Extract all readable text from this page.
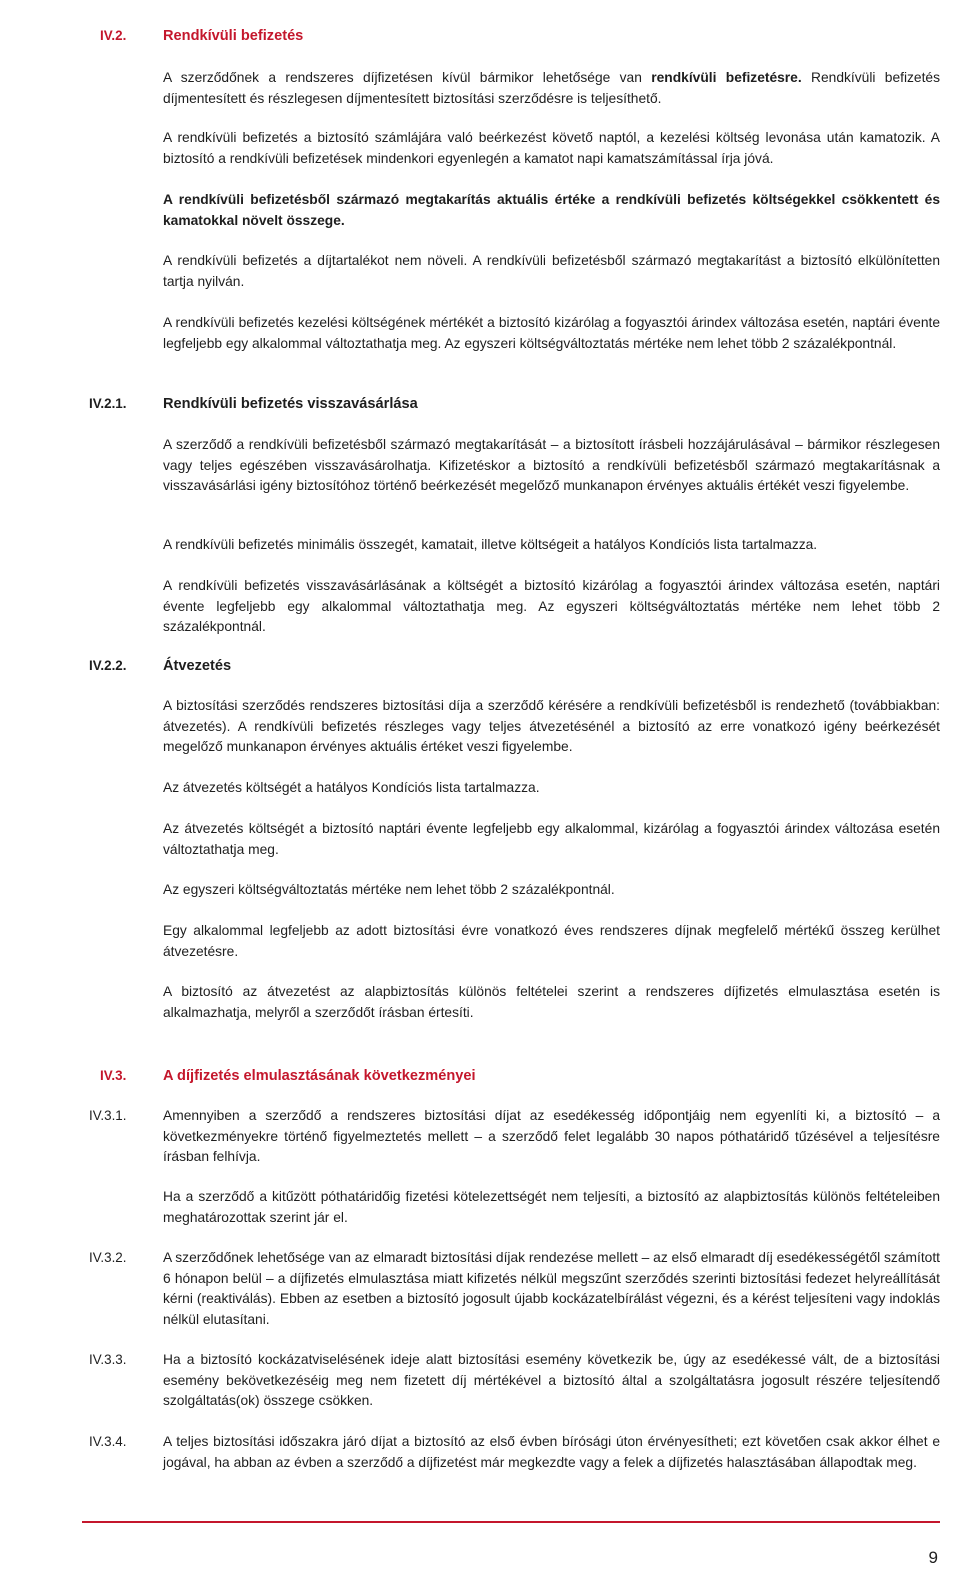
IV.2.	Rendkívüli befizetés

A szerződőnek a rendszeres díjfizetésen kívül bármikor lehetősége van rendkívüli befizetésre. Rendkívüli befizetés díjmentesített és részlegesen díjmentesített biztosítási szerződésre is teljesíthető.

A rendkívüli befizetés a biztosító számlájára való beérkezést követő naptól, a kezelési költség levonása után kamatozik. A biztosító a rendkívüli befizetések mindenkori egyenlegén a kamatot napi kamatszámítással írja jóvá.

A rendkívüli befizetésből származó megtakarítás aktuális értéke a rendkívüli befizetés költségekkel csökkentett és kamatokkal növelt összege.

A rendkívüli befizetés a díjtartalékot nem növeli. A rendkívüli befizetésből származó megtakarítást a biztosító elkülönítetten tartja nyilván.

A rendkívüli befizetés kezelési költségének mértékét a biztosító kizárólag a fogyasztói árindex változása esetén, naptári évente legfeljebb egy alkalommal változtathatja meg. Az egyszeri költségváltoztatás mértéke nem lehet több 2 százalékpontnál.

IV.2.1.	Rendkívüli befizetés visszavásárlása

A szerződő a rendkívüli befizetésből származó megtakarítását – a biztosított írásbeli hozzájárulásával – bármikor részlegesen vagy teljes egészében visszavásárolhatja. Kifizetéskor a biztosító a rendkívüli befizetésből származó megtakarításnak a visszavásárlási igény biztosítóhoz történő beérkezését megelőző munkanapon érvényes aktuális értékét veszi figyelembe.

A rendkívüli befizetés minimális összegét, kamatait, illetve költségeit a hatályos Kondíciós lista tartalmazza.

A rendkívüli befizetés visszavásárlásának a költségét a biztosító kizárólag a fogyasztói árindex változása esetén, naptári évente legfeljebb egy alkalommal változtathatja meg. Az egyszeri költségváltoztatás mértéke nem lehet több 2 százalékpontnál.

IV.2.2.	Átvezetés

A biztosítási szerződés rendszeres biztosítási díja a szerződő kérésére a rendkívüli befizetésből is rendezhető (továbbiakban: átvezetés). A rendkívüli befizetés részleges vagy teljes átvezetésénél a biztosító az erre vonatkozó igény beérkezését megelőző munkanapon érvényes aktuális értéket veszi figyelembe.

Az átvezetés költségét a hatályos Kondíciós lista tartalmazza.

Az átvezetés költségét a biztosító naptári évente legfeljebb egy alkalommal, kizárólag a fogyasztói árindex változása esetén változtathatja meg.

Az egyszeri költségváltoztatás mértéke nem lehet több 2 százalékpontnál.

Egy alkalommal legfeljebb az adott biztosítási évre vonatkozó éves rendszeres díjnak megfelelő mértékű összeg kerülhet átvezetésre.

A biztosító az átvezetést az alapbiztosítás különös feltételei szerint a rendszeres díjfizetés elmulasztása esetén is alkalmazhatja, melyről a szerződőt írásban értesíti.

IV.3.	A díjfizetés elmulasztásának következményei
IV.3.1.	Amennyiben a szerződő a rendszeres biztosítási díjat az esedékesség időpontjáig nem egyenlíti ki, a biztosító – a következményekre történő figyelmeztetés mellett – a szerződő felet legalább 30 napos póthatáridő tűzésével a teljesítésre írásban felhívja.

Ha a szerződő a kitűzött póthatáridőig fizetési kötelezettségét nem teljesíti, a biztosító az alapbiztosítás különös feltételeiben meghatározottak szerint jár el.

IV.3.2.	A szerződőnek lehetősége van az elmaradt biztosítási díjak rendezése mellett – az első elmaradt díj esedékességétől számított 6 hónapon belül – a díjfizetés elmulasztása miatt kifizetés nélkül megszűnt szerződés szerinti biztosítási fedezet helyreállítását kérni (reaktiválás). Ebben az esetben a biztosító jogosult újabb kockázatelbírálást végezni, és a kérést teljesíteni vagy indoklás nélkül elutasítani.

IV.3.3.	Ha a biztosító kockázatviselésének ideje alatt biztosítási esemény következik be, úgy az esedékessé vált, de a biztosítási esemény bekövetkezéséig meg nem fizetett díj mértékével a biztosító által a szolgáltatásra jogosult részére teljesítendő szolgáltatás(ok) összege csökken.

IV.3.4.	A teljes biztosítási időszakra járó díjat a biztosító az első évben bírósági úton érvényesítheti; ezt követően csak akkor élhet e jogával, ha abban az évben a szerződő a díjfizetést már megkezdte vagy a felek a díjfizetés halasztásában állapodtak meg.

9
